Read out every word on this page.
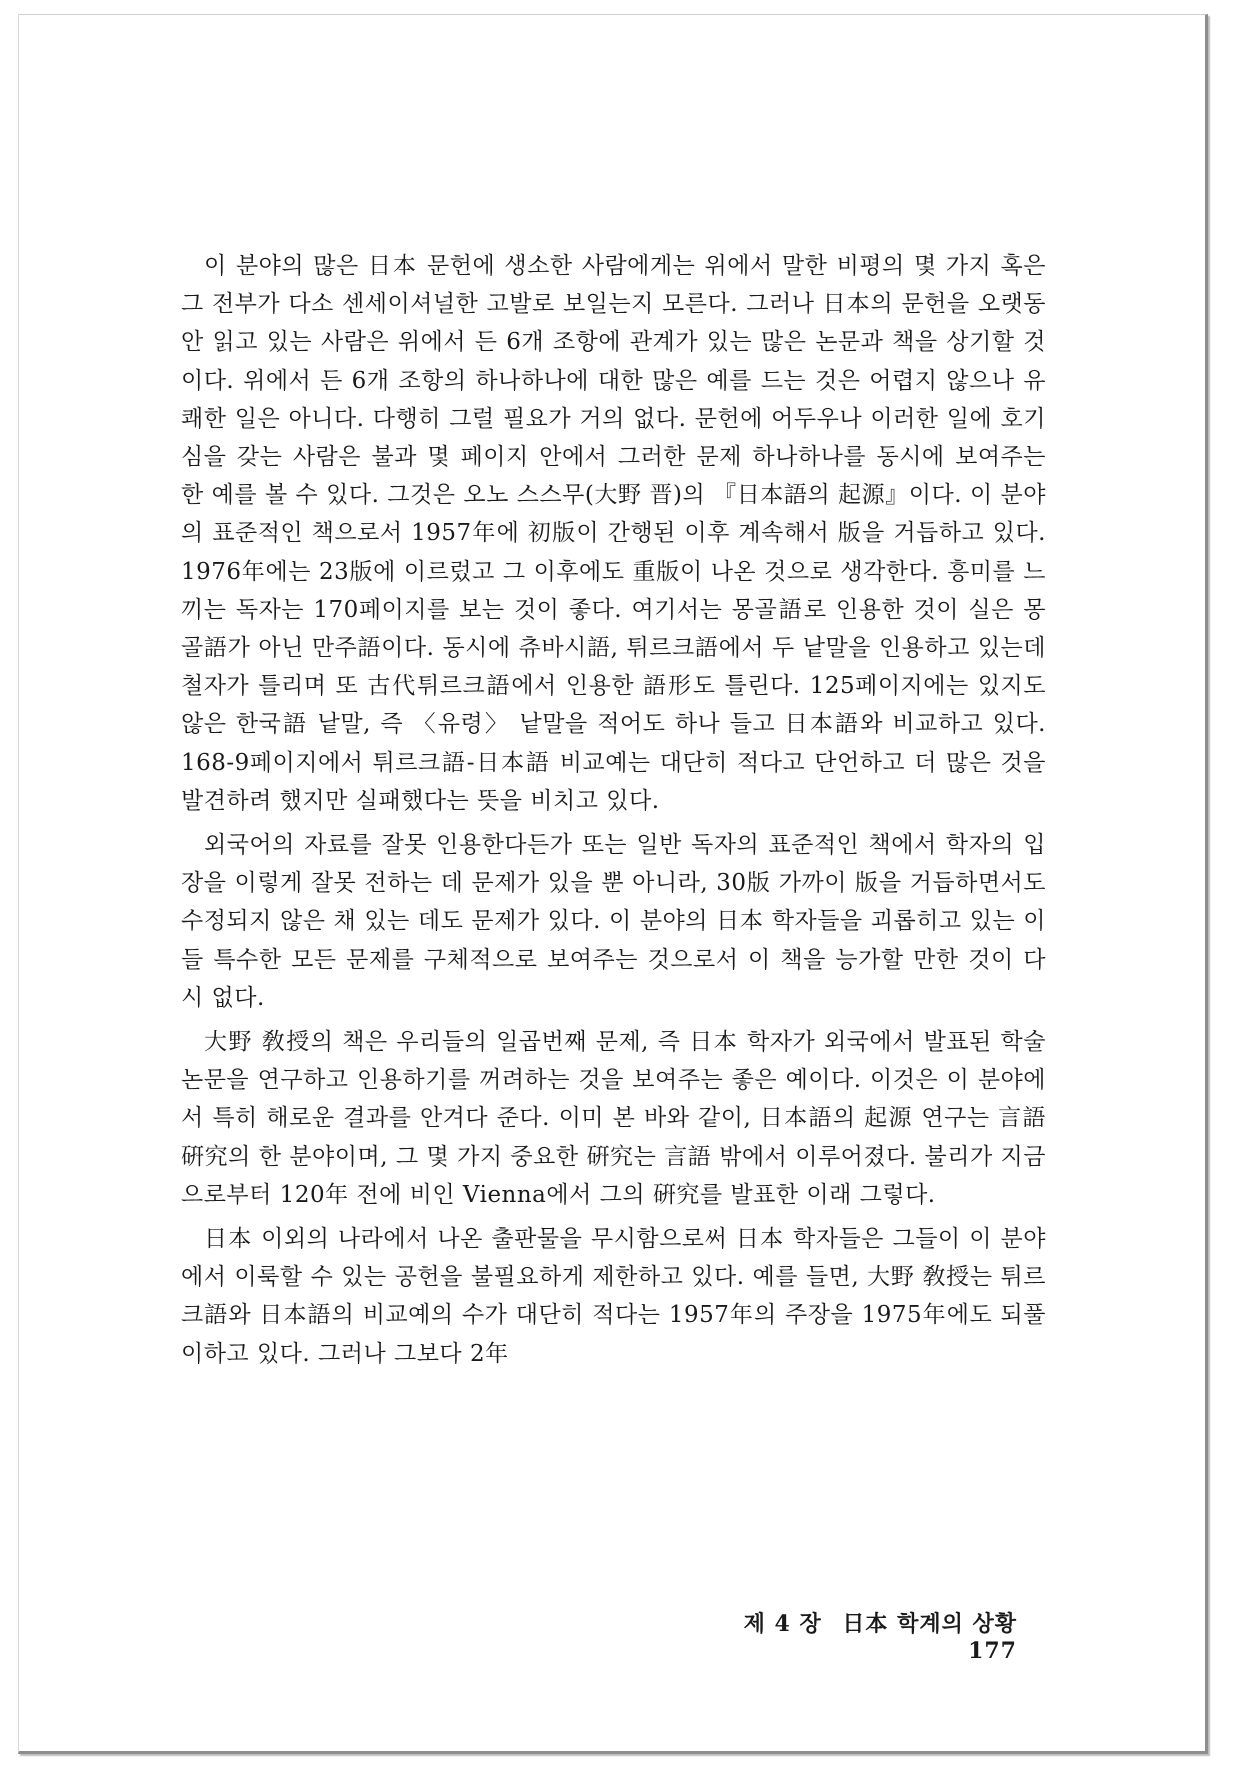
이 분야의 많은 日本 문헌에 생소한 사람에게는 위에서 말한 비평의 몇 가지 혹은 그 전부가 다소 센세이셔널한 고발로 보일는지 모른다. 그러나 日本의 문헌을 오랫동안 읽고 있는 사람은 위에서 든 6개 조항에 관계가 있는 많은 논문과 책을 상기할 것이다. 위에서 든 6개 조항의 하나하나에 대한 많은 예를 드는 것은 어렵지 않으나 유쾌한 일은 아니다. 다행히 그럴 필요가 거의 없다. 문헌에 어두우나 이러한 일에 호기심을 갖는 사람은 불과 몇 페이지 안에서 그러한 문제 하나하나를 동시에 보여주는 한 예를 볼 수 있다. 그것은 오노 스스무(大野 晋)의 『日本語의 起源』이다. 이 분야의 표준적인 책으로서 1957年에 初版이 간행된 이후 계속해서 版을 거듭하고 있다. 1976年에는 23版에 이르렀고 그 이후에도 重版이 나온 것으로 생각한다. 흥미를 느끼는 독자는 170페이지를 보는 것이 좋다. 여기서는 몽골語로 인용한 것이 실은 몽골語가 아닌 만주語이다. 동시에 츄바시語, 튀르크語에서 두 낱말을 인용하고 있는데 철자가 틀리며 또 古代튀르크語에서 인용한 語形도 틀린다. 125페이지에는 있지도 않은 한국語 낱말, 즉 〈유령〉 낱말을 적어도 하나 들고 日本語와 비교하고 있다. 168-9페이지에서 튀르크語-日本語 비교예는 대단히 적다고 단언하고 더 많은 것을 발견하려 했지만 실패했다는 뜻을 비치고 있다.

외국어의 자료를 잘못 인용한다든가 또는 일반 독자의 표준적인 책에서 학자의 입장을 이렇게 잘못 전하는 데 문제가 있을 뿐 아니라, 30版 가까이 版을 거듭하면서도 수정되지 않은 채 있는 데도 문제가 있다. 이 분야의 日本 학자들을 괴롭히고 있는 이들 특수한 모든 문제를 구체적으로 보여주는 것으로서 이 책을 능가할 만한 것이 다시 없다.

大野 敎授의 책은 우리들의 일곱번째 문제, 즉 日本 학자가 외국에서 발표된 학술논문을 연구하고 인용하기를 꺼려하는 것을 보여주는 좋은 예이다. 이것은 이 분야에서 특히 해로운 결과를 안겨다 준다. 이미 본 바와 같이, 日本語의 起源 연구는 言語硏究의 한 분야이며, 그 몇 가지 중요한 硏究는 言語 밖에서 이루어졌다. 불리가 지금으로부터 120年 전에 비인 Vienna에서 그의 硏究를 발표한 이래 그렇다.

日本 이외의 나라에서 나온 출판물을 무시함으로써 日本 학자들은 그들이 이 분야에서 이룩할 수 있는 공헌을 불필요하게 제한하고 있다. 예를 들면, 大野 敎授는 튀르크語와 日本語의 비교예의 수가 대단히 적다는 1957年의 주장을 1975年에도 되풀이하고 있다. 그러나 그보다 2年

제 4 장 日本 학계의 상황 177
